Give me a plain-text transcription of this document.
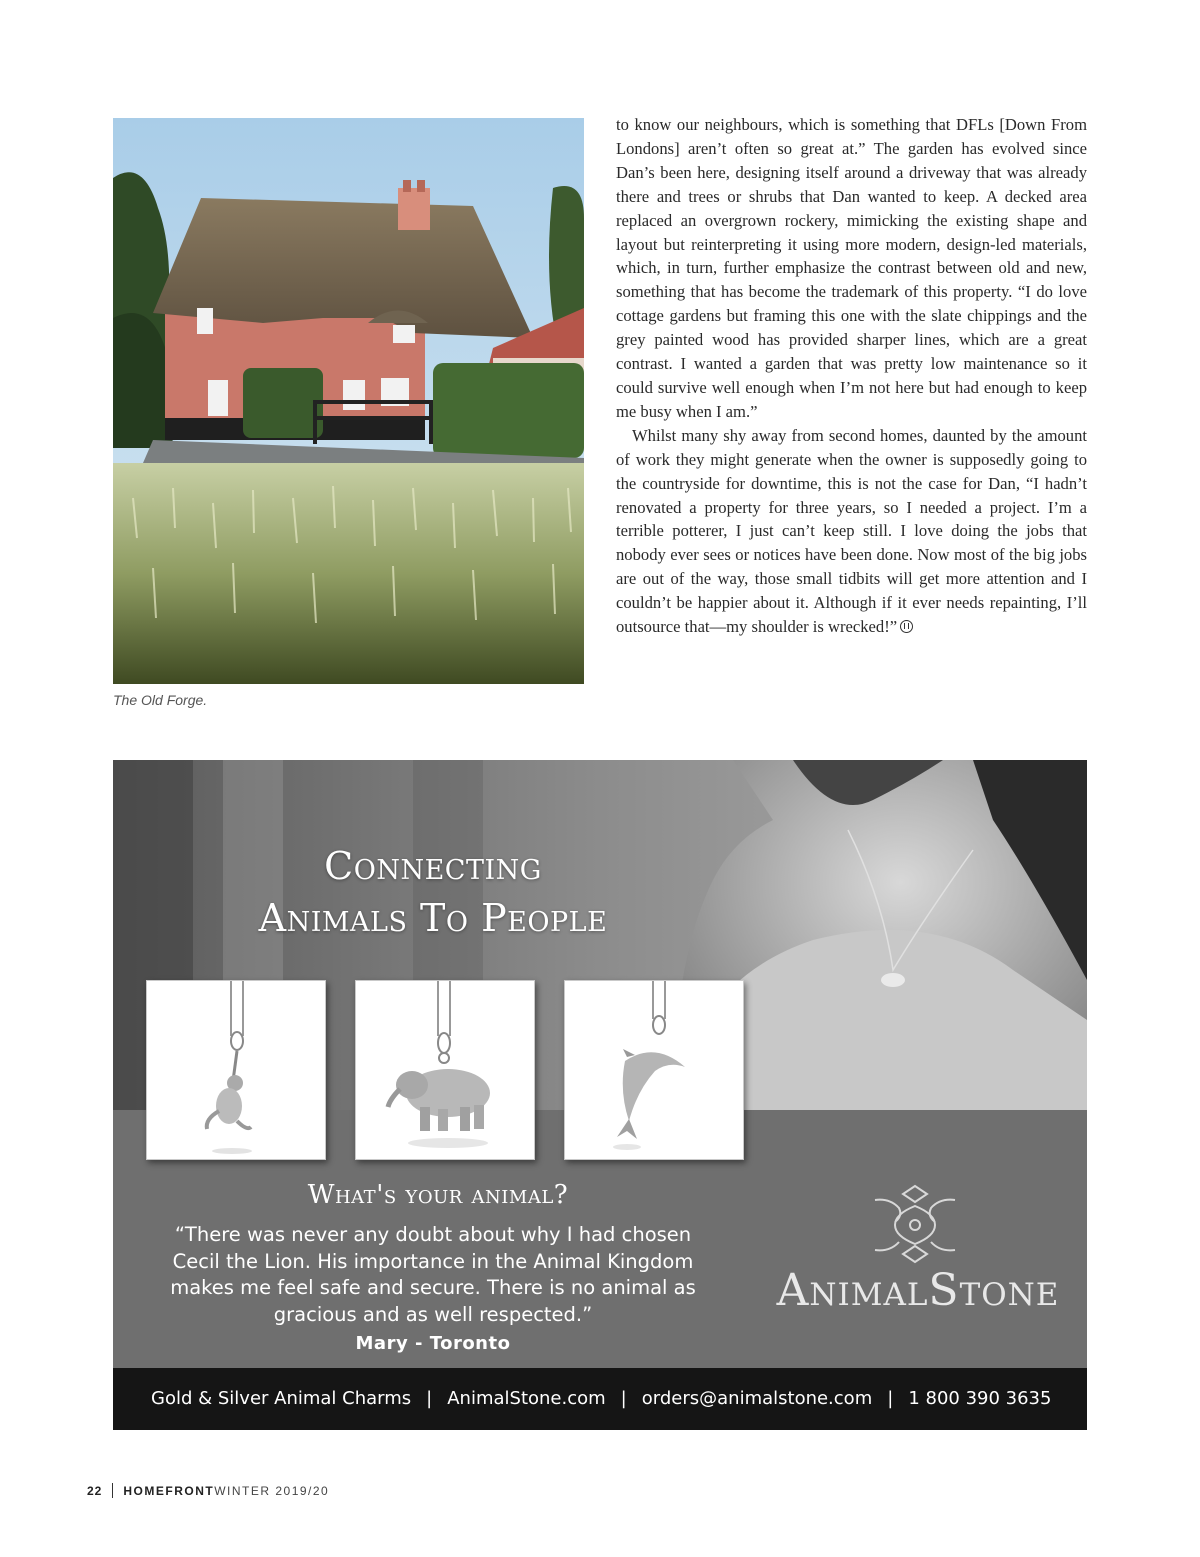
The Old Forge.

to know our neighbours, which is something that DFLs [Down From Londons] aren’t often so great at.” The garden has evolved since Dan’s been here, designing itself around a driveway that was already there and trees or shrubs that Dan wanted to keep. A decked area replaced an overgrown rockery, mimicking the existing shape and layout but reinterpreting it using more modern, design-led materials, which, in turn, further emphasize the contrast between old and new, something that has become the trademark of this property. “I do love cottage gardens but framing this one with the slate chippings and the grey painted wood has provided sharper lines, which are a great contrast. I wanted a garden that was pretty low maintenance so it could survive well enough when I’m not here but had enough to keep me busy when I am.”

Whilst many shy away from second homes, daunted by the amount of work they might generate when the owner is supposedly going to the countryside for downtime, this is not the case for Dan, “I hadn’t renovated a property for three years, so I needed a project. I’m a terrible potterer, I just can’t keep still. I love doing the jobs that nobody ever sees or notices have been done. Now most of the big jobs are out of the way, those small tidbits will get more attention and I couldn’t be happier about it. Although if it ever needs repainting, I’ll outsource that—my shoulder is wrecked!”

Connecting
Animals To People
What's your animal?
“There was never any doubt about why I had chosen
Cecil the Lion. His importance in the Animal Kingdom
makes me feel safe and secure. There is no animal as
gracious and as well respected.”
Mary - Toronto
AnimalStone
Gold & Silver Animal Charms | AnimalStone.com | orders@animalstone.com | 1 800 390 3635
22 HOMEFRONTWINTER 2019/20
